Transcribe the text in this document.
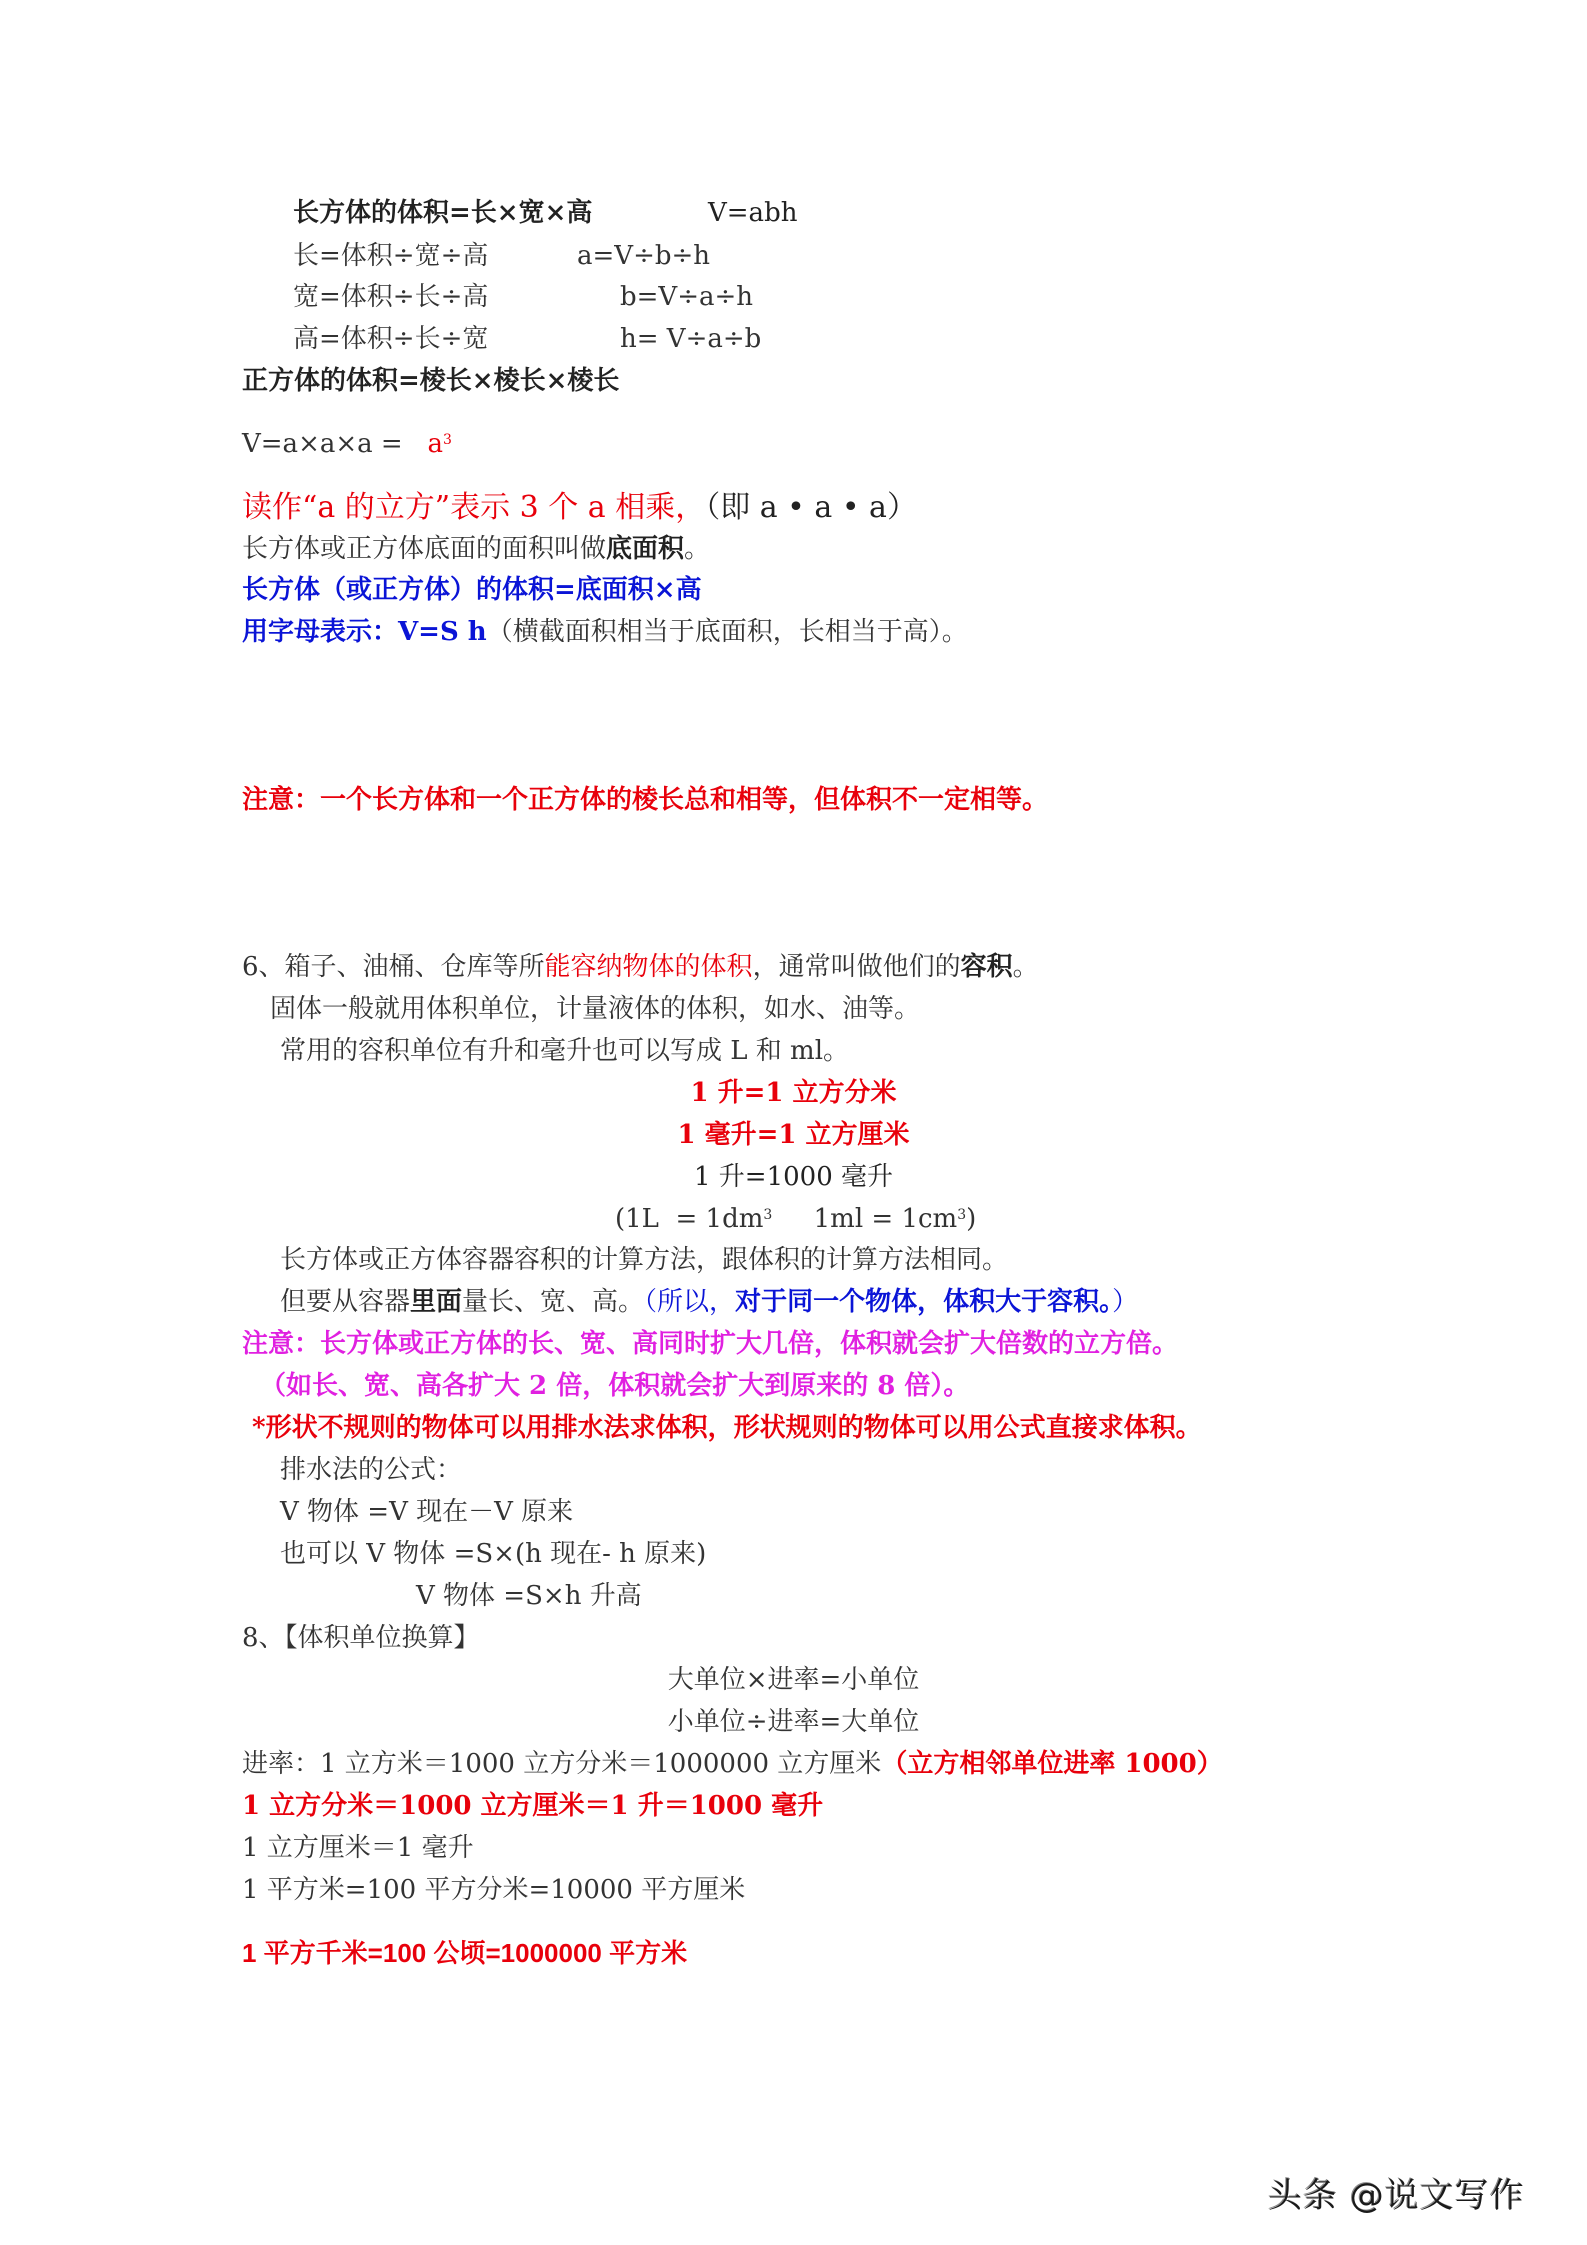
长方体的体积=长×宽×高	V=abh
长=体积÷宽÷高	a=V÷b÷h
宽=体积÷长÷高	b=V÷a÷h
高=体积÷长÷宽	h= V÷a÷b
正方体的体积=棱长×棱长×棱长
$V=a\times a\times a = a^3$
读作“a 的立方”表示 3 个 a 相乘，（即 a • a • a）
长方体或正方体底面的面积叫做底面积。
长方体（或正方体）的体积=底面积×高
用字母表示：V=S h（横截面积相当于底面积，长相当于高）。
注意：一个长方体和一个正方体的棱长总和相等，但体积不一定相等。
6、箱子、油桶、仓库等所能容纳物体的体积，通常叫做他们的容积。
固体一般就用体积单位，计量液体的体积，如水、油等。
常用的容积单位有升和毫升也可以写成 L 和 ml。
1 升=1 立方分米
1 毫升=1 立方厘米
1 升=1000 毫升
($1L = 1dm^3$     $1ml = 1cm^3$)
长方体或正方体容器容积的计算方法，跟体积的计算方法相同。
但要从容器里面量长、宽、高。（所以，对于同一个物体，体积大于容积。）
注意：长方体或正方体的长、宽、高同时扩大几倍，体积就会扩大倍数的立方倍。
（如长、宽、高各扩大 2 倍，体积就会扩大到原来的 8 倍）。
*形状不规则的物体可以用排水法求体积，形状规则的物体可以用公式直接求体积。
排水法的公式：
V 物体 =V 现在－V 原来
也可以 V 物体 =S×(h 现在- h 原来)
V 物体 =S×h 升高
8、【体积单位换算】
大单位×进率=小单位
小单位÷进率=大单位
进率：1 立方米＝1000 立方分米＝1000000 立方厘米（立方相邻单位进率 1000）
1 立方分米＝1000 立方厘米＝1 升＝1000 毫升
1 立方厘米＝1 毫升
1 平方米=100 平方分米=10000 平方厘米
1 平方千米=100 公顷=1000000 平方米
头条 @说文写作
